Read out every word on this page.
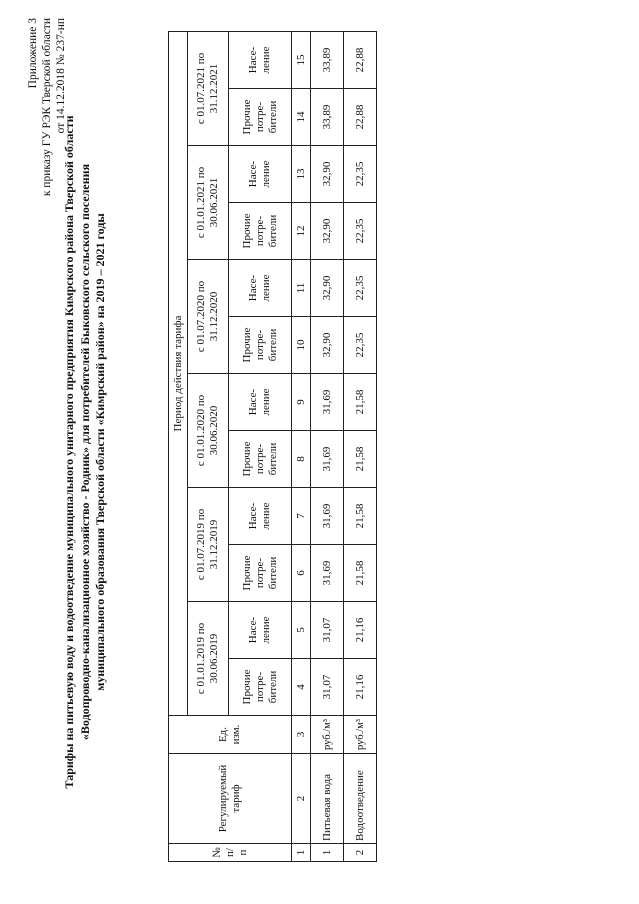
Приложение 3 к приказу ГУ РЭК Тверской области от 14.12.2018 № 237-нп
Тарифы на питьевую воду и водоотведение муниципального унитарного предприятия Кимрского района Тверской области «Водопроводно-канализационное хозяйство - Родник» для потребителей Быковского сельского поселения муниципального образования Тверской области «Кимрский район» на 2019 – 2021 годы
№ п/ п	Регулируемый тариф	Ед. изм.	Период действия тарифа											
			с 01.01.2019 по 30.06.2019		с 01.07.2019 по 31.12.2019		с 01.01.2020 по 30.06.2020		с 01.07.2020 по 31.12.2020		с 01.01.2021 по 30.06.2021		с 01.07.2021 по 31.12.2021	
			Прочие потре- бители	Насе- ление	Прочие потре- бители	Насе- ление	Прочие потре- бители	Насе- ление	Прочие потре- бители	Насе- ление	Прочие потре- бители	Насе- ление	Прочие потре- бители	Насе- ление
1	2	3	4	5	6	7	8	9	10	11	12	13	14	15
1	Питьевая вода	руб./м³	31,07	31,07	31,69	31,69	31,69	31,69	32,90	32,90	32,90	32,90	33,89	33,89
2	Водоотведение	руб./м³	21,16	21,16	21,58	21,58	21,58	21,58	22,35	22,35	22,35	22,35	22,88	22,88
